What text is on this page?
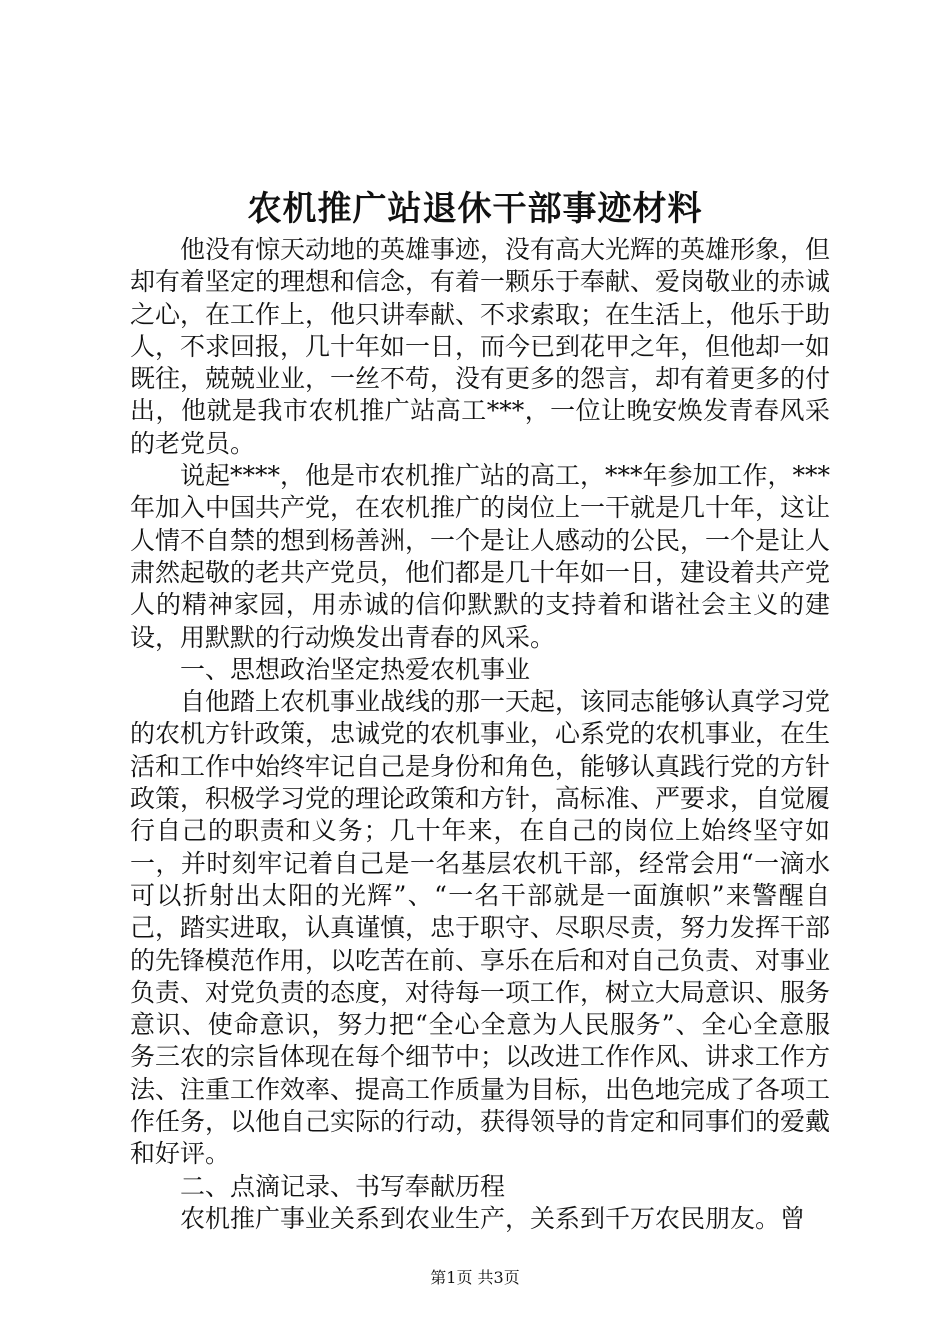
农机推广站退休干部事迹材料

他没有惊天动地的英雄事迹，没有高大光辉的英雄形象，但却有着坚定的理想和信念，有着一颗乐于奉献、爱岗敬业的赤诚之心，在工作上，他只讲奉献、不求索取；在生活上，他乐于助人，不求回报，几十年如一日，而今已到花甲之年，但他却一如既往，兢兢业业，一丝不苟，没有更多的怨言，却有着更多的付出，他就是我市农机推广站高工***，一位让晚安焕发青春风采的老党员。

说起****，他是市农机推广站的高工，***年参加工作，***年加入中国共产党，在农机推广的岗位上一干就是几十年，这让人情不自禁的想到杨善洲，一个是让人感动的公民，一个是让人肃然起敬的老共产党员，他们都是几十年如一日，建设着共产党人的精神家园，用赤诚的信仰默默的支持着和谐社会主义的建设，用默默的行动焕发出青春的风采。

一、思想政治坚定热爱农机事业

自他踏上农机事业战线的那一天起，该同志能够认真学习党的农机方针政策，忠诚党的农机事业，心系党的农机事业，在生活和工作中始终牢记自己是身份和角色，能够认真践行党的方针政策，积极学习党的理论政策和方针，高标准、严要求，自觉履行自己的职责和义务；几十年来，在自己的岗位上始终坚守如一，并时刻牢记着自己是一名基层农机干部，经常会用“一滴水可以折射出太阳的光辉”、“一名干部就是一面旗帜”来警醒自己，踏实进取，认真谨慎，忠于职守、尽职尽责，努力发挥干部的先锋模范作用，以吃苦在前、享乐在后和对自己负责、对事业负责、对党负责的态度，对待每一项工作，树立大局意识、服务意识、使命意识，努力把“全心全意为人民服务”、全心全意服务三农的宗旨体现在每个细节中；以改进工作作风、讲求工作方法、注重工作效率、提高工作质量为目标，出色地完成了各项工作任务，以他自己实际的行动，获得领导的肯定和同事们的爱戴和好评。

二、点滴记录、书写奉献历程

农机推广事业关系到农业生产，关系到千万农民朋友。曾

第1页 共3页
